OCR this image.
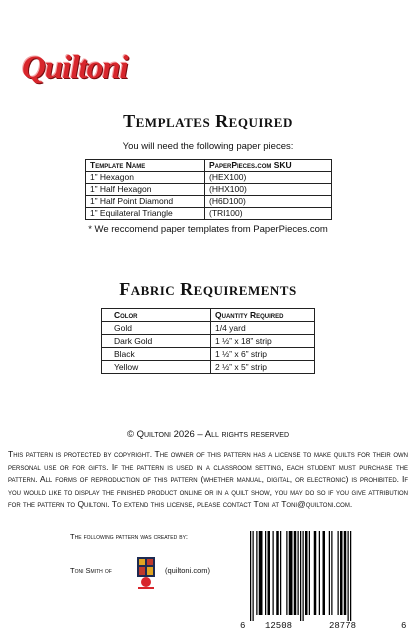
Quiltoni
Templates Required
You will need the following paper pieces:
Template Name	PaperPieces.com SKU
1” Hexagon	(HEX100)
1” Half Hexagon	(HHX100)
1” Half Point Diamond	(H6D100)
1” Equilateral Triangle	(TRI100)
* We reccomend paper templates from PaperPieces.com
Fabric Requirements
Color	Quantity Required
Gold	1/4 yard
Dark Gold	1 ½” x 18” strip
Black	1 ½” x 6” strip
Yellow	2 ½” x 5” strip
© Quiltoni 2026 – All rights reserved
This pattern is protected by copyright. The owner of this pattern has a license to make quilts for their own personal use or for gifts. If the pattern is used in a classroom setting, each student must purchase the pattern. All forms of reproduction of this pattern (whether manual, digital, or electronic) is prohibited. If you would like to display the finished product online or in a quilt show, you may do so if you give attribution for the pattern to Quiltoni. To extend this license, please contact Toni at Toni@quiltoni.com.
The following pattern was created by:
Toni Smith of	(quiltoni.com)
6 12508	28778	6
